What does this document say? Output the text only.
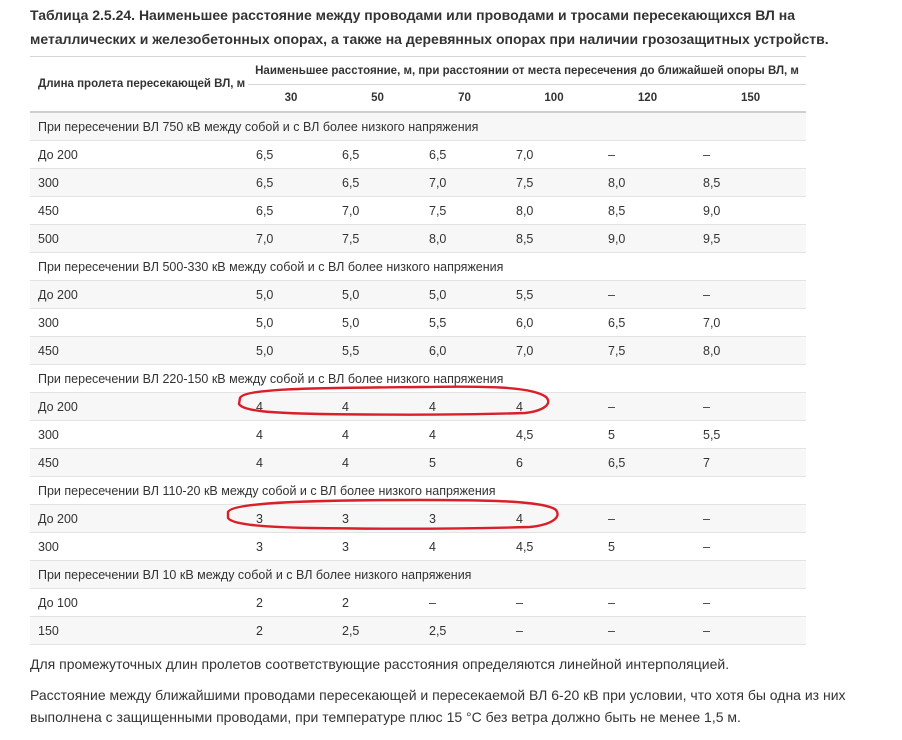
Таблица 2.5.24. Наименьшее расстояние между проводами или проводами и тросами пересекающихся ВЛ на металлических и железобетонных опорах, а также на деревянных опорах при наличии грозозащитных устройств.

Длина пролета пересекающей ВЛ, м	Наименьшее расстояние, м, при расстоянии от места пересечения до ближайшей опоры ВЛ, м					
	30	50	70	100	120	150
При пересечении ВЛ 750 кВ между собой и с ВЛ более низкого напряжения						
До 200	6,5	6,5	6,5	7,0	–	–
300	6,5	6,5	7,0	7,5	8,0	8,5
450	6,5	7,0	7,5	8,0	8,5	9,0
500	7,0	7,5	8,0	8,5	9,0	9,5
При пересечении ВЛ 500-330 кВ между собой и с ВЛ более низкого напряжения						
До 200	5,0	5,0	5,0	5,5	–	–
300	5,0	5,0	5,5	6,0	6,5	7,0
450	5,0	5,5	6,0	7,0	7,5	8,0
При пересечении ВЛ 220-150 кВ между собой и с ВЛ более низкого напряжения						
До 200	4	4	4	4	–	–
300	4	4	4	4,5	5	5,5
450	4	4	5	6	6,5	7
При пересечении ВЛ 110-20 кВ между собой и с ВЛ более низкого напряжения						
До 200	3	3	3	4	–	–
300	3	3	4	4,5	5	–
При пересечении ВЛ 10 кВ между собой и с ВЛ более низкого напряжения						
До 100	2	2	–	–	–	–
150	2	2,5	2,5	–	–	–

Для промежуточных длин пролетов соответствующие расстояния определяются линейной интерполяцией.

Расстояние между ближайшими проводами пересекающей и пересекаемой ВЛ 6-20 кВ при условии, что хотя бы одна из них выполнена с защищенными проводами, при температуре плюс 15 °С без ветра должно быть не менее 1,5 м.
